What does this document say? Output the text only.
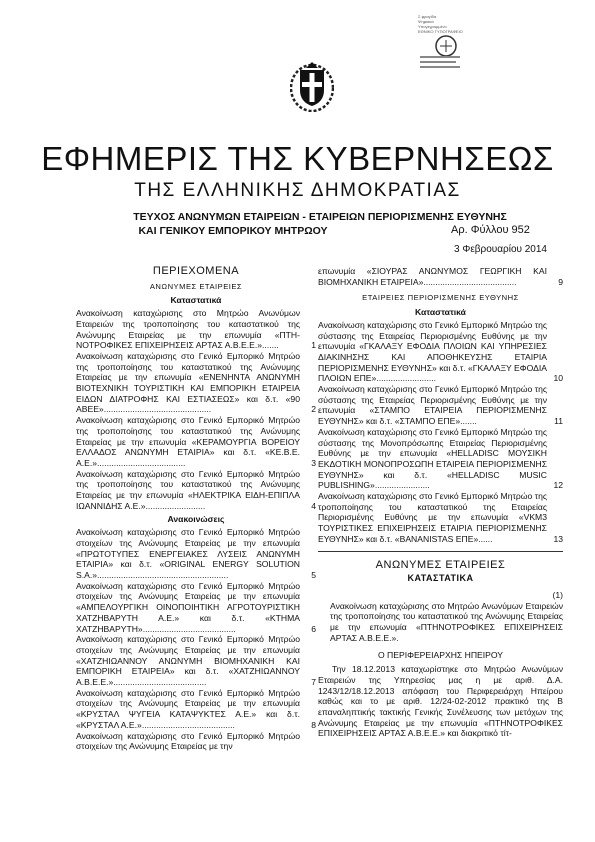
Σ φραγίδα
Ψηφιακά
Υπογεγραμμένο
ΕΘΝΙΚΟ ΤΥΠΟΓΡΑΦΕΙΟ
ΕΦΗΜΕΡΙΣ ΤΗΣ ΚΥΒΕΡΝΗΣΕΩΣ
ΤΗΣ ΕΛΛΗΝΙΚΗΣ ΔΗΜΟΚΡΑΤΙΑΣ
ΤΕΥΧΟΣ ΑΝΩΝΥΜΩΝ ΕΤΑΙΡΕΙΩΝ - ΕΤΑΙΡΕΙΩΝ ΠΕΡΙΟΡΙΣΜΕΝΗΣ ΕΥΘΥΝΗΣ
ΚΑΙ ΓΕΝΙΚΟΥ ΕΜΠΟΡΙΚΟΥ ΜΗΤΡΩΟΥ	Αρ. Φύλλου 952
3 Φεβρουαρίου 2014
ΠΕΡΙΕΧΟΜΕΝΑ
ΑΝΩΝΥΜΕΣ ΕΤΑΙΡΕΙΕΣ
Καταστατικά
Ανακοίνωση καταχώρισης στο Μητρώο Ανωνύμων Εταιρειών της τροποποίησης του καταστατικού της Ανώνυμης Εταιρείας με την επωνυμία «ΠΤΗ-ΝΟΤΡΟΦΙΚΕΣ ΕΠΙΧΕΙΡΗΣΕΙΣ ΑΡΤΑΣ Α.Β.Ε.Ε.».......	1
Ανακοίνωση καταχώρισης στο Γενικό Εμπορικό Μητρώο της τροποποίησης του καταστατικού της Ανώνυμης Εταιρείας με την επωνυμία «ΕΝΕΝΗΝΤΑ ΑΝΩΝΥΜΗ ΒΙΟΤΕΧΝΙΚΗ ΤΟΥΡΙΣΤΙΚΗ ΚΑΙ ΕΜΠΟΡΙΚΗ ΕΤΑΙΡΕΙΑ ΕΙΔΩΝ ΔΙΑΤΡΟΦΗΣ ΚΑΙ ΕΣΤΙΑΣΕΩΣ» και δ.τ. «90 ΑΒΕΕ».............................................	2
Ανακοίνωση καταχώρισης στο Γενικό Εμπορικό Μητρώο της τροποποίησης του καταστατικού της Ανώνυμης Εταιρείας με την επωνυμία «ΚΕΡΑΜΟΥΡΓΙΑ ΒΟΡΕΙΟΥ ΕΛΛΑΔΟΣ ΑΝΩΝΥΜΗ ΕΤΑΙΡΙΑ» και δ.τ. «ΚΕ.Β.Ε. Α.Ε.».....................................	3
Ανακοίνωση καταχώρισης στο Γενικό Εμπορικό Μητρώο της τροποποίησης του καταστατικού της Ανώνυμης Εταιρείας με την επωνυμία «ΗΛΕΚΤΡΙΚΑ ΕΙΔΗ-ΕΠΙΠΛΑ ΙΩΑΝΝΙΔΗΣ Α.Ε.».........................	4
Ανακοινώσεις
Ανακοίνωση καταχώρισης στο Γενικό Εμπορικό Μητρώο στοιχείων της Ανώνυμης Εταιρείας με την επωνυμία «ΠΡΩΤΟΤΥΠΕΣ ΕΝΕΡΓΕΙΑΚΕΣ ΛΥΣΕΙΣ ΑΝΩΝΥΜΗ ΕΤΑΙΡΙΑ» και δ.τ. «ORIGINAL ENERGY SOLUTION S.A.».......................................................	5
Ανακοίνωση καταχώρισης στο Γενικό Εμπορικό Μητρώο στοιχείων της Ανώνυμης Εταιρείας με την επωνυμία «ΑΜΠΕΛΟΥΡΓΙΚΗ ΟΙΝΟΠΟΙΗΤΙΚΗ ΑΓΡΟΤΟΥΡΙΣΤΙΚΗ ΧΑΤΖΗΒΑΡΥΤΗ Α.Ε.» και δ.τ. «ΚΤΗΜΑ ΧΑΤΖΗΒΑΡΥΤΗ».......................................	6
Ανακοίνωση καταχώρισης στο Γενικό Εμπορικό Μητρώο στοιχείων της Ανώνυμης Εταιρείας με την επωνυμία «ΧΑΤΖΗΙΩΑΝΝΟΥ ΑΝΩΝΥΜΗ ΒΙΟΜΗΧΑΝΙΚΗ ΚΑΙ ΕΜΠΟΡΙΚΗ ΕΤΑΙΡΕΙΑ» και δ.τ. «ΧΑΤΖΗΙΩΑΝΝΟΥ Α.Β.Ε.Ε.».......................................	7
Ανακοίνωση καταχώρισης στο Γενικό Εμπορικό Μητρώο στοιχείων της Ανώνυμης Εταιρείας με την επωνυμία «ΚΡΥΣΤΑΛ ΨΥΓΕΙΑ ΚΑΤΑΨΥΚΤΕΣ Α.Ε.» και δ.τ. «ΚΡΥΣΤΑΛ Α.Ε.».......................................	8
Ανακοίνωση καταχώρισης στο Γενικό Εμπορικό Μητρώο στοιχείων της Ανώνυμης Εταιρείας με την
επωνυμία «ΣΙΟΥΡΑΣ ΑΝΩΝΥΜΟΣ ΓΕΩΡΓΙΚΗ ΚΑΙ ΒΙΟΜΗΧΑΝΙΚΗ ΕΤΑΙΡΕΙΑ».......................................	9
ΕΤΑΙΡΕΙΕΣ ΠΕΡΙΟΡΙΣΜΕΝΗΣ ΕΥΘΥΝΗΣ
Καταστατικά
Ανακοίνωση καταχώρισης στο Γενικό Εμπορικό Μητρώο της σύστασης της Εταιρείας Περιορισμένης Ευθύνης με την επωνυμία «ΓΚΑΛΑΞΥ ΕΦΟΔΙΑ ΠΛΟΙΩΝ ΚΑΙ ΥΠΗΡΕΣΙΕΣ ΔΙΑΚΙΝΗΣΗΣ ΚΑΙ ΑΠΟΘΗΚΕΥΣΗΣ ΕΤΑΙΡΙΑ ΠΕΡΙΟΡΙΣΜΕΝΗΣ ΕΥΘΥΝΗΣ» και δ.τ. «ΓΚΑΛΑΞΥ ΕΦΟΔΙΑ ΠΛΟΙΩΝ ΕΠΕ».........................	10
Ανακοίνωση καταχώρισης στο Γενικό Εμπορικό Μητρώο της σύστασης της Εταιρείας Περιορισμένης Ευθύνης με την επωνυμία «ΣΤΑΜΠΟ ΕΤΑΙΡΕΙΑ ΠΕΡΙΟΡΙΣΜΕΝΗΣ ΕΥΘΥΝΗΣ» και δ.τ. «ΣΤΑΜΠΟ ΕΠΕ».......	11
Ανακοίνωση καταχώρισης στο Γενικό Εμπορικό Μητρώο της σύστασης της Μονοπρόσωπης Εταιρείας Περιορισμένης Ευθύνης με την επωνυμία «HELLADISC ΜΟΥΣΙΚΗ ΕΚΔΟΤΙΚΗ ΜΟΝΟΠΡΟΣΩΠΗ ΕΤΑΙΡΕΙΑ ΠΕΡΙΟΡΙΣΜΕΝΗΣ ΕΥΘΥΝΗΣ» και δ.τ. «HELLADISC MUSIC PUBLISHING».......................	12
Ανακοίνωση καταχώρισης στο Γενικό Εμπορικό Μητρώο της τροποποίησης του καταστατικού της Εταιρείας Περιορισμένης Ευθύνης με την επωνυμία «VKM3 ΤΟΥΡΙΣΤΙΚΕΣ ΕΠΙΧΕΙΡΗΣΕΙΣ ΕΤΑΙΡΙΑ ΠΕΡΙΟΡΙΣΜΕΝΗΣ ΕΥΘΥΝΗΣ» και δ.τ. «BANANISTAS ΕΠΕ»......	13
ΑΝΩΝΥΜΕΣ ΕΤΑΙΡΕΙΕΣ
ΚΑΤΑΣΤΑΤΙΚΑ
(1)
Ανακοίνωση καταχώρισης στο Μητρώο Ανωνύμων Εταιρειών της τροποποίησης του καταστατικού της Ανώνυμης Εταιρείας με την επωνυμία «ΠΤΗΝΟΤΡΟΦΙΚΕΣ ΕΠΙΧΕΙΡΗΣΕΙΣ ΑΡΤΑΣ Α.Β.Ε.Ε.».
Ο ΠΕΡΙΦΕΡΕΙΑΡΧΗΣ ΗΠΕΙΡΟΥ
Την 18.12.2013 καταχωρίστηκε στο Μητρώο Ανωνύμων Εταιρειών της Υπηρεσίας μας η με αριθ. Δ.Α. 1243/12/18.12.2013 απόφαση του Περιφερειάρχη Ηπείρου καθώς και το με αριθ. 12/24-02-2012 πρακτικό της Β επαναληπτικής τακτικής Γενικής Συνέλευσης των μετόχων της Ανώνυμης Εταιρείας με την επωνυμία «ΠΤΗΝΟΤΡΟΦΙΚΕΣ ΕΠΙΧΕΙΡΗΣΕΙΣ ΑΡΤΑΣ Α.Β.Ε.Ε.» και διακριτικό τίτ-
